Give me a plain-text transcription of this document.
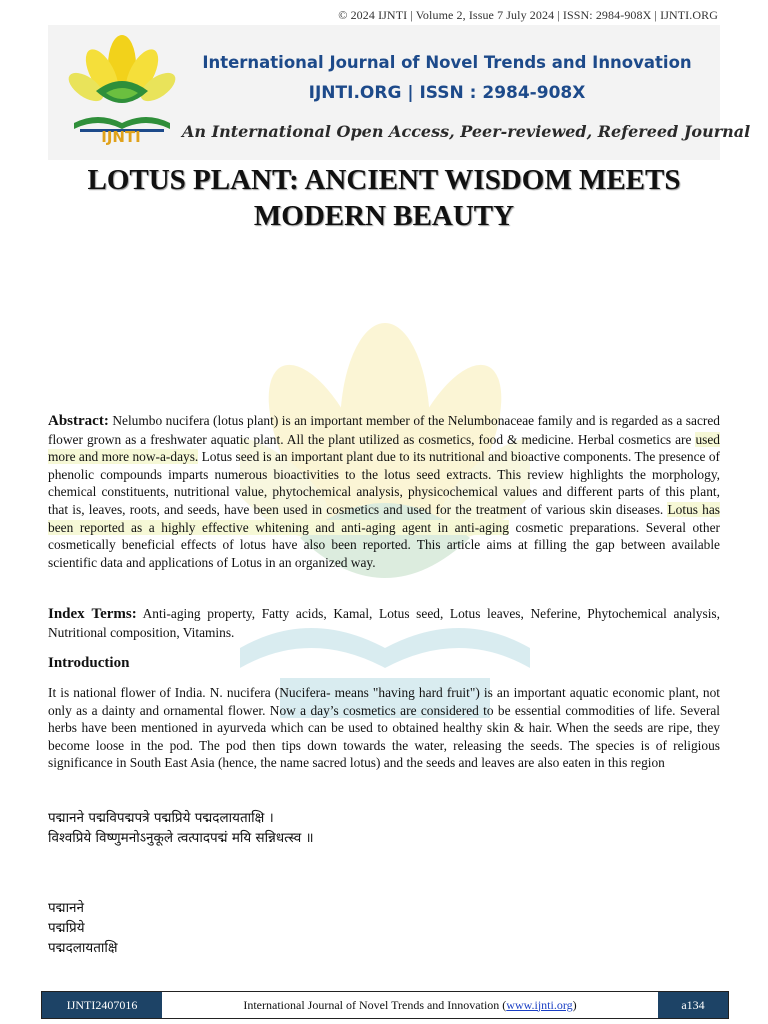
© 2024 IJNTI | Volume 2, Issue 7 July 2024 | ISSN: 2984-908X | IJNTI.ORG
IJNTI
International Journal of Novel Trends and Innovation
IJNTI.ORG | ISSN : 2984-908X
An International Open Access, Peer-reviewed, Refereed Journal
LOTUS PLANT: ANCIENT WISDOM MEETS
MODERN BEAUTY
Abstract: Nelumbo nucifera (lotus plant) is an important member of the Nelumbonaceae family and is regarded as a sacred flower grown as a freshwater aquatic plant. All the plant utilized as cosmetics, food & medicine. Herbal cosmetics are used more and more now-a-days. Lotus seed is an important plant due to its nutritional and bioactive components. The presence of phenolic compounds imparts numerous bioactivities to the lotus seed extracts. This review highlights the morphology, chemical constituents, nutritional value, phytochemical analysis, physicochemical values and different parts of this plant, that is, leaves, roots, and seeds, have been used in cosmetics and used for the treatment of various skin diseases. Lotus has been reported as a highly effective whitening and anti-aging agent in anti-aging cosmetic preparations. Several other cosmetically beneficial effects of lotus have also been reported. This article aims at filling the gap between available scientific data and applications of Lotus in an organized way.
Index Terms: Anti-aging property, Fatty acids, Kamal, Lotus seed, Lotus leaves, Neferine, Phytochemical analysis, Nutritional composition, Vitamins.
Introduction
It is national flower of India. N. nucifera (Nucifera- means "having hard fruit") is an important aquatic economic plant, not only as a dainty and ornamental flower. Now a day’s cosmetics are considered to be essential commodities of life. Several herbs have been mentioned in ayurveda which can be used to obtained healthy skin & hair. When the seeds are ripe, they become loose in the pod. The pod then tips down towards the water, releasing the seeds. The species is of religious significance in South East Asia (hence, the name sacred lotus) and the seeds and leaves are also eaten in this region
पद्मानने पद्मविपद्मपत्रे पद्मप्रिये पद्मदलायताक्षि ।
विश्वप्रिये विष्णुमनोऽनुकूले त्वत्पादपद्मं मयि सन्निधत्स्व ॥
पद्मानने
पद्मप्रिये
पद्मदलायताक्षि
IJNTI2407016	International Journal of Novel Trends and Innovation ( www.ijnti.org )	a134
